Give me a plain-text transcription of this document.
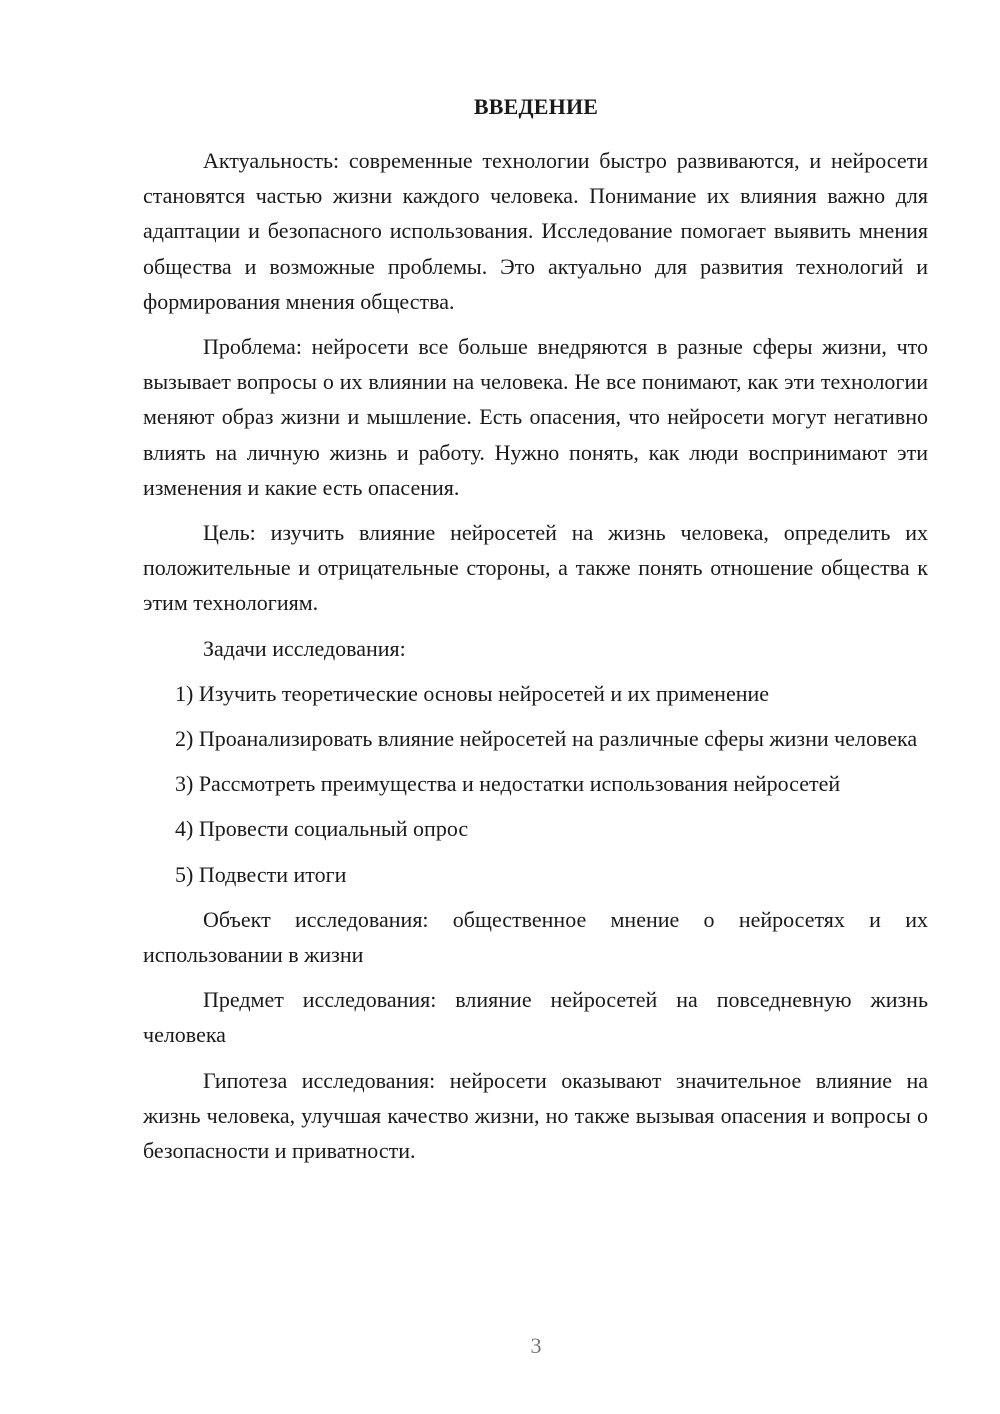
ВВЕДЕНИЕ

Актуальность: современные технологии быстро развиваются, и нейросети становятся частью жизни каждого человека. Понимание их влияния важно для адаптации и безопасного использования. Исследование помогает выявить мнения общества и возможные проблемы. Это актуально для развития технологий и формирования мнения общества.

Проблема: нейросети все больше внедряются в разные сферы жизни, что вызывает вопросы о их влиянии на человека. Не все понимают, как эти технологии меняют образ жизни и мышление. Есть опасения, что нейросети могут негативно влиять на личную жизнь и работу. Нужно понять, как люди воспринимают эти изменения и какие есть опасения.

Цель: изучить влияние нейросетей на жизнь человека, определить их положительные и отрицательные стороны, а также понять отношение общества к этим технологиям.

Задачи исследования:

1) Изучить теоретические основы нейросетей и их применение

2) Проанализировать влияние нейросетей на различные сферы жизни человека

3) Рассмотреть преимущества и недостатки использования нейросетей

4) Провести социальный опрос

5) Подвести итоги

Объект исследования: общественное мнение о нейросетях и их использовании в жизни

Предмет исследования: влияние нейросетей на повседневную жизнь человека

Гипотеза исследования: нейросети оказывают значительное влияние на жизнь человека, улучшая качество жизни, но также вызывая опасения и вопросы о безопасности и приватности.

3
